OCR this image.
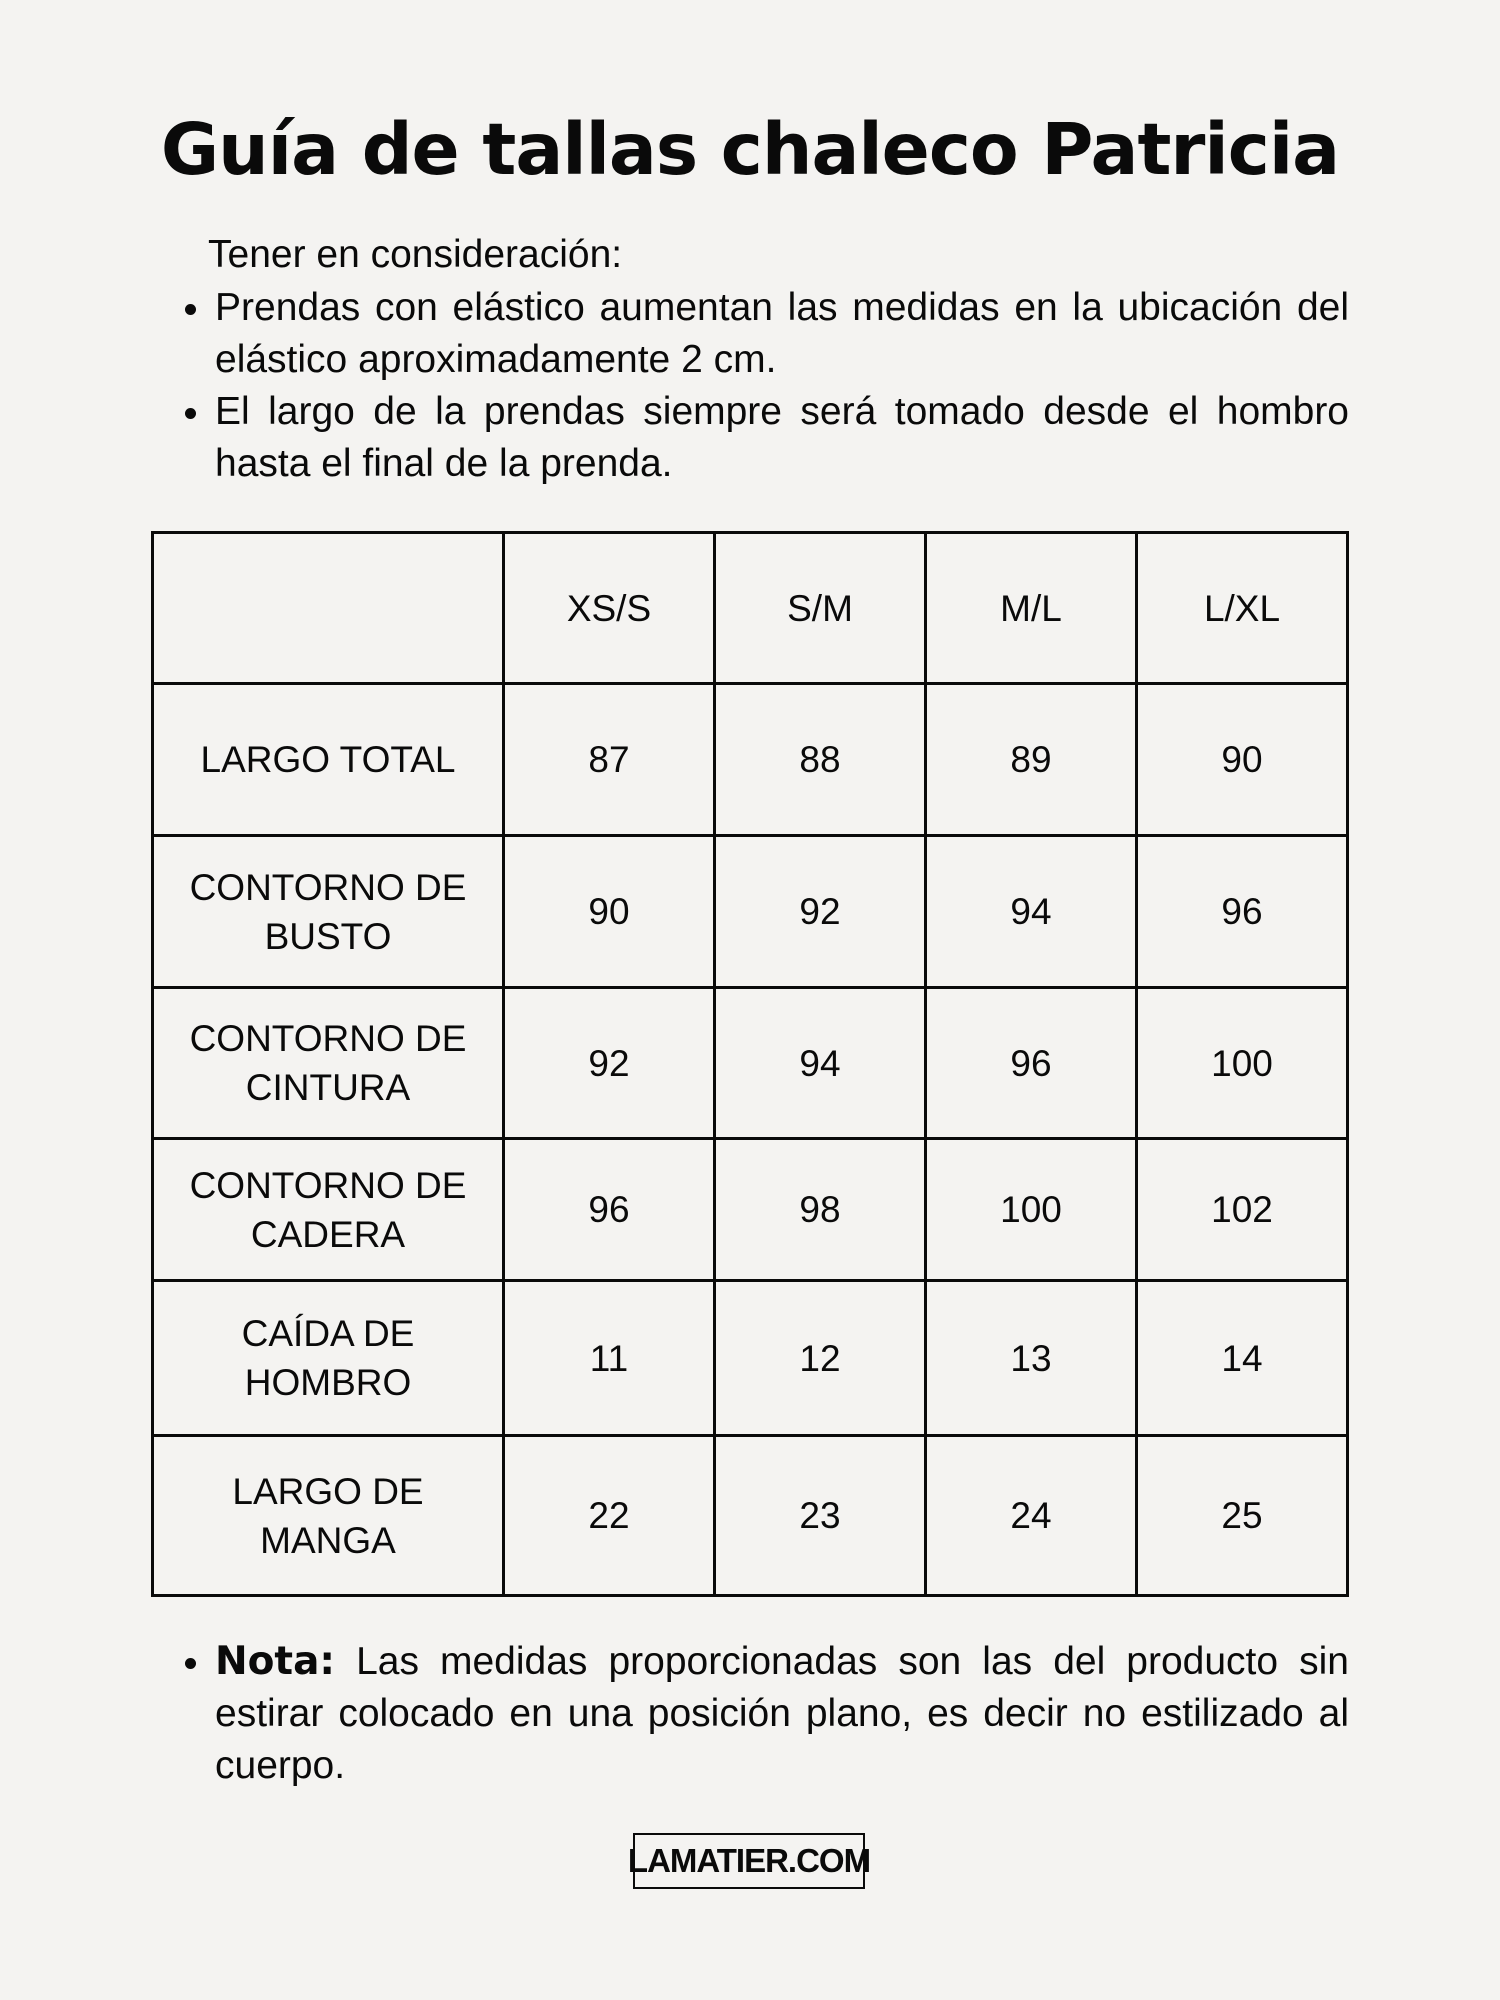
Guía de tallas chaleco Patricia

Tener en consideración:

Prendas con elástico aumentan las medidas en la ubicación del elástico aproximadamente 2 cm.
El largo de la prendas siempre será tomado desde el hombro hasta el final de la prenda.
	XS/S	S/M	M/L	L/XL
LARGO TOTAL	87	88	89	90
CONTORNO DE BUSTO	90	92	94	96
CONTORNO DE CINTURA	92	94	96	100
CONTORNO DE CADERA	96	98	100	102
CAÍDA DE HOMBRO	11	12	13	14
LARGO DE MANGA	22	23	24	25

Nota: Las medidas proporcionadas son las del producto sin estirar colocado en una posición plano, es decir no estilizado al cuerpo.

LAMATIER.COM
